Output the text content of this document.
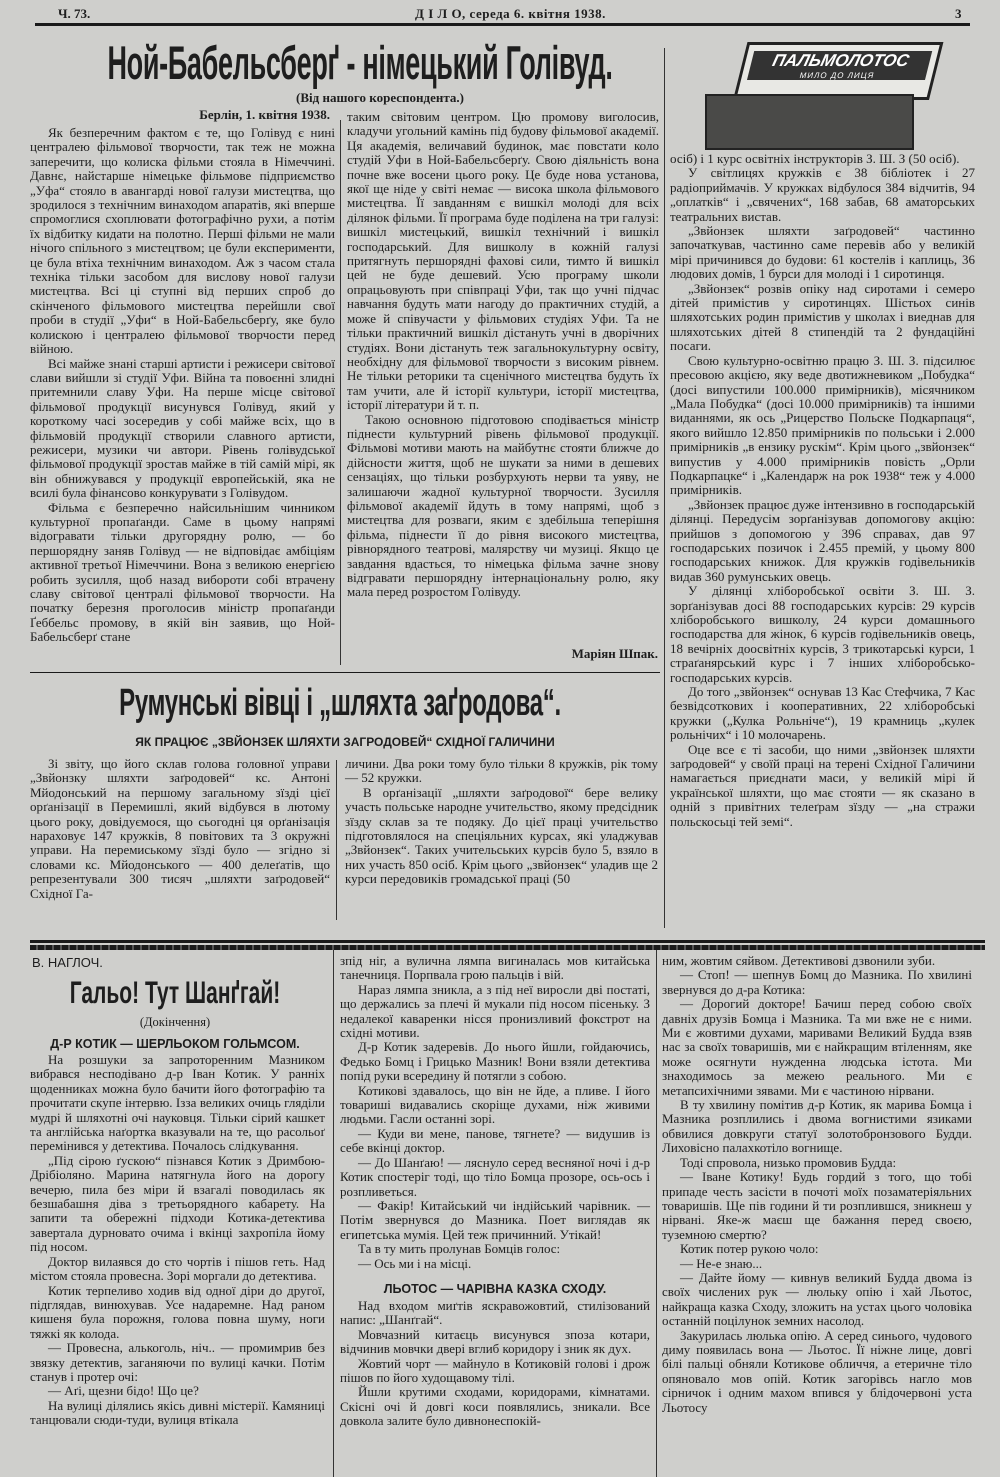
Ч. 73.	Д І Л О, середа 6. квітня 1938.	3
Ной-Бабельсберґ - німецький Голівуд.
(Від нашого кореспондента.)
Берлін, 1. квітня 1938.

Як безперечним фактом є те, що Голівуд є нині централею фільмової творчости, так теж не можна заперечити, що колиска фільми стояла в Німеччині. Давнє, найстарше німецьке фільмове підприємство „Уфа“ стояло в авангарді нової галузи мистецтва, що зродилося з технічним винаходом апаратів, які вперше спромоглися схоплювати фотографічно рухи, а потім їх відбитку кидати на полотно. Перші фільми не мали нічого спільного з мистецтвом; це були експерименти, це була втіха технічним винаходом. Аж з часом стала техніка тільки засобом для вислову нової галузи мистецтва. Всі ці ступні від перших спроб до скінченого фільмового мистецтва перейшли свої проби в студії „Уфи“ в Ной-Бабельсберґу, яке було колискою і централею фільмової творчости перед війною.

Всі майже знані старші артисти і режисери світової слави вийшли зі студії Уфи. Війна та повоєнні злидні притемнили славу Уфи. На перше місце світової фільмової продукції висунувся Голівуд, який у короткому часі зосередив у собі майже всіх, що в фільмовій продукції створили славного артисти, режисери, музики чи автори. Рівень голівудської фільмової продукції зростав майже в тій самій мірі, як він обнижувався у продукції европейській, яка не всилі була фінансово конкурувати з Голівудом.

Фільма є безперечно найсильнішим чинником культурної пропаґанди. Саме в цьому напрямі відогравати тільки другорядну ролю, — бо першорядну заняв Голівуд — не відповідає амбіціям активної третьої Німеччини. Вона з великою енергією робить зусилля, щоб назад вибороти собі втрачену славу світової централі фільмової творчости. На початку березня проголосив міністр пропаґанди Ґеббельс промову, в якій він заявив, що Ной-Бабельсберґ стане

таким світовим центром. Цю промову виголосив, кладучи угольний камінь під будову фільмової академії. Ця академія, величавий будинок, має повстати коло студій Уфи в Ной-Бабельсберґу. Свою діяльність вона почне вже восени цього року. Це буде нова установа, якої ще ніде у світі немає — висока школа фільмового мистецтва. Її завданням є вишкіл молоді для всіх ділянок фільми. Її програма буде поділена на три галузі: вишкіл мистецький, вишкіл технічний і вишкіл господарський. Для вишколу в кожній галузі притягнуть першорядні фахові сили, тимто й вишкіл цей не буде дешевий. Усю програму школи опрацьовують при співпраці Уфи, так що учні підчас навчання будуть мати нагоду до практичних студій, а може й співучасти у фільмових студіях Уфи. Та не тільки практичний вишкіл дістануть учні в дворічних студіях. Вони дістануть теж загальнокультурну освіту, необхідну для фільмової творчости з високим рівнем. Не тільки реторики та сценічного мистецтва будуть їх там учити, але й історії культури, історії мистецтва, історії літератури й т. п.

Такою основною підготовою сподівається міністр піднести культурний рівень фільмової продукції. Фільмові мотиви мають на майбутнє стояти ближче до дійсности життя, щоб не шукати за ними в дешевих сензаціях, що тільки розбурхують нерви та уяву, не залишаючи жадної культурної творчости. Зусилля фільмової академії йдуть в тому напрямі, щоб з мистецтва для розваги, яким є здебільша теперішня фільма, піднести її до рівня високого мистецтва, рівнорядного театрові, малярству чи музиці. Якщо це завдання вдасться, то німецька фільма зачне знову відгравати першорядну інтернаціональну ролю, яку мала перед розростом Голівуду.

Маріян Шпак.
ПАЛЬМОЛОТОС
МИЛО ДО ЛИЦЯ

осіб) і 1 курс освітніх інструкторів З. Ш. З (50 осіб).

У світлицях кружків є 38 бібліотек і 27 радіоприймачів. У кружках відбулося 384 відчитів, 94 „оплатків“ і „свячених“, 168 забав, 68 аматорських театральних вистав.

„Звйонзек шляхти заґродовей“ частинно започаткував, частинно саме перевів або у великій мірі причинився до будови: 61 костелів і каплиць, 36 людових домів, 1 бурси для молоді і 1 сиротинця.

„Звйонзек“ розвів опіку над сиротами і семеро дітей примістив у сиротинцях. Шістьох синів шляхотських родин примістив у школах і виеднав для шляхотських дітей 8 стипендій та 2 фундаційні посаги.

Свою культурно-освітню працю З. Ш. З. підсилює пресовою акцією, яку веде двотижневиком „Побудка“ (досі випустили 100.000 примірників), місячником „Мала Побудка“ (досі 10.000 примірників) та іншими виданнями, як ось „Рицерство Польске Подкарпаця“, якого вийшло 12.850 примірників по польськи і 2.000 примірників „в ензику рускім“. Крім цього „звйонзек“ випустив у 4.000 примірників повість „Орли Подкарпацке“ і „Календарж на рок 1938“ теж у 4.000 примірників.

„Звйонзек працює дуже інтензивно в господарській ділянці. Передусім зорґанізував допомогову акцію: прийшов з допомогою у 396 справах, дав 97 господарських позичок і 2.455 премій, у цьому 800 господарських книжок. Для кружків годівельників видав 360 румунських овець.

У ділянці хліборобської освіти З. Ш. З. зорґанізував досі 88 господарських курсів: 29 курсів хліборобського вишколу, 24 курси домашнього господарства для жінок, 6 курсів годівельників овець, 18 вечірніх доосвітніх курсів, 3 трикотарські курси, 1 страґанярський курс і 7 інших хліборобсько-господарських курсів.

До того „звйонзек“ оснував 13 Кас Стефчика, 7 Кас безвідсоткових і кооперативних, 22 хліборобські кружки („Кулка Рольніче“), 19 крамниць „кулек рольнічих“ і 10 молочарень.

Оце все є ті засоби, що ними „звйонзек шляхти заґродовей“ у своїй праці на терені Східної Галичини намагається приєднати маси, у великій мірі й української шляхти, що має стояти — як сказано в одній з привітних телеґрам зїзду — „на стражи польскосьці тей земі“.

Румунські вівці і „шляхта заґродова“.
ЯК ПРАЦЮЄ „ЗВЙОНЗЕК ШЛЯХТИ ЗАГРОДОВЕЙ“ СХІДНОЇ ГАЛИЧИНИ

Зі звіту, що його склав голова головної управи „Звйонзку шляхти заґродовей“ кс. Антоні Мйодонський на першому загальному зїзді цієї орґанізації в Перемишлі, який відбувся в лютому цього року, довідуємося, що сьогодні ця орґанізація нараховує 147 кружків, 8 повітових та 3 окружні управи. На перемиському зїзді було — згідно зі словами кс. Мйодонського — 400 делеґатів, що репрезентували 300 тисяч „шляхти заґродовей“ Східної Га-

личини. Два роки тому було тільки 8 кружків, рік тому — 52 кружки.

В орґанізації „шляхти заґродової“ бере велику участь польське народне учительство, якому предсідник зїзду склав за те подяку. До цієї праці учительство підготовлялося на спеціяльних курсах, які уладжував „Звйонзек“. Таких учительських курсів було 5, взяло в них участь 850 осіб. Крім цього „звйонзек“ уладив ще 2 курси передовиків громадської праці (50

В. НАГЛОЧ.
Гальо! Тут Шанґгай!
(Докінчення)
Д-Р КОТИК — ШЕРЛЬОКОМ ГОЛЬМСОМ.

На розшуки за запроторенним Мазником вибрався несподівано д-р Іван Котик. У ранніх щоденниках можна було бачити його фотографію та прочитати скупе інтервю. Ізза великих очиць гляділи мудрі й шляхотні очі науковця. Тільки сірий кашкет та англійська наґортка вказували на те, що расольоґ перемінився у детектива. Почалось слідкування.

„Під сірою ґускою“ пізнався Котик з Дримбою-Дрібіоляно. Марина натягнула його на дорогу вечерю, пила без міри й взагалі поводилась як безшабашня діва з третьорядного кабарету. На запити та обережні підходи Котика-детектива завертала дурновато очима і вкінці захропіла йому під носом.

Доктор вилаявся до сто чортів і пішов геть. Над містом стояла провесна. Зорі моргали до детектива.

Котик терпеливо ходив від одної діри до другої, підглядав, винюхував. Усе надаремне. Над раном кишеня була порожня, голова повна шуму, ноги тяжкі як колода.

— Провесна, алькоголь, ніч.. — промимрив без звязку детектив, заганяючи по вулиці качки. Потім станув і протер очі:

— Аґі, щезни бідо! Що це?

На вулиці ділялись якісь дивні містерії. Камяниці танцювали сюди-туди, вулиця втікала

зпід ніг, а вулична лямпа вигиналась мов китайська танечниця. Порпвала грою пальців і вій.

Нараз лямпа зникла, а з під неї виросли дві постаті, що держались за плечі й мукали під носом пісеньку. З недалекої каваренки нісся пронизливий фокстрот на східні мотиви.

Д-р Котик задеревів. До нього йшли, гойдаючись, Федько Бомц і Грицько Мазник! Вони взяли детектива попід руки всередину й потягли з собою.

Котикові здавалось, що він не йде, а пливе. І його товариші видавались скоріще духами, ніж живими людьми. Гасли останні зорі.

— Куди ви мене, панове, тягнете? — видушив із себе вкінці доктор.

— До Шанґаю! — ляснуло серед весняної ночі і д-р Котик спостеріг тоді, що тіло Бомца прозоре, ось-ось і розпливеться.

— Факір! Китайський чи індійський чарівник. — Потім звернувся до Мазника. Поет виглядав як египетська мумія. Цей теж причинний. Утікай!

Та в ту мить пролунав Бомців голос:

— Ось ми і на місці.

ЛЬОТОС — ЧАРІВНА КАЗКА СХОДУ.

Над входом миґтів яскравожовтий, стилізований напис: „Шанґгай“.

Мовчазний китаєць висунувся зпоза котари, відчинив мовчки двері вглиб коридору і зник як дух.

Жовтий чорт — майнуло в Котиковій голові і дрож пішов по його худощавому тілі.

Йшли крутими сходами, коридорами, кімнатами. Скісні очі й довгі коси появлялись, зникали. Все довкола залите було дивнонеспокій-

ним, жовтим сяйвом. Детективові дзвонили зуби.

— Стоп! — шепнув Бомц до Мазника. По хвилині звернувся до д-ра Котика:

— Дорогий докторе! Бачиш перед собою своїх давніх друзів Бомца і Мазника. Та ми вже не є ними. Ми є жовтими духами, маривами Великий Будда взяв нас за своїх товаришів, ми є найкращим втіленням, яке може осягнути нужденна людська істота. Ми знаходимось за межею реального. Ми є метапсихічними зявами. Ми є частиною нірвани.

В ту хвилину помітив д-р Котик, як марива Бомца і Мазника розплились і двома вогнистими язиками обвилися довкруги статуї золотобронзового Будди. Лиховісно палахкотіло вогнище.

Тоді спровола, низько промовив Будда:

— Іване Котику! Будь гордий з того, що тобі припаде честь засісти в почоті моїх позаматеріяльних товаришів. Ще пів години й ти розплившся, зникнеш у нірвані. Яке-ж маєш ще бажання перед своєю, туземною смертю?

Котик потер рукою чоло:

— Не-е знаю...

— Дайте йому — кивнув великий Будда двома із своїх числених рук — люльку опію і хай Льотос, найкраща казка Сходу, зложить на устах цього чоловіка останній поцілунок земних насолод.

Закурилась люлька опію. А серед синього, чудового диму появилась вона — Льотос. Її ніжне лице, довгі білі пальці обняли Котикове обличчя, а етеричне тіло опяновало мов опій. Котик загорівсь нагло мов сірничок і одним махом впився у блідочервоні уста Льотосу
